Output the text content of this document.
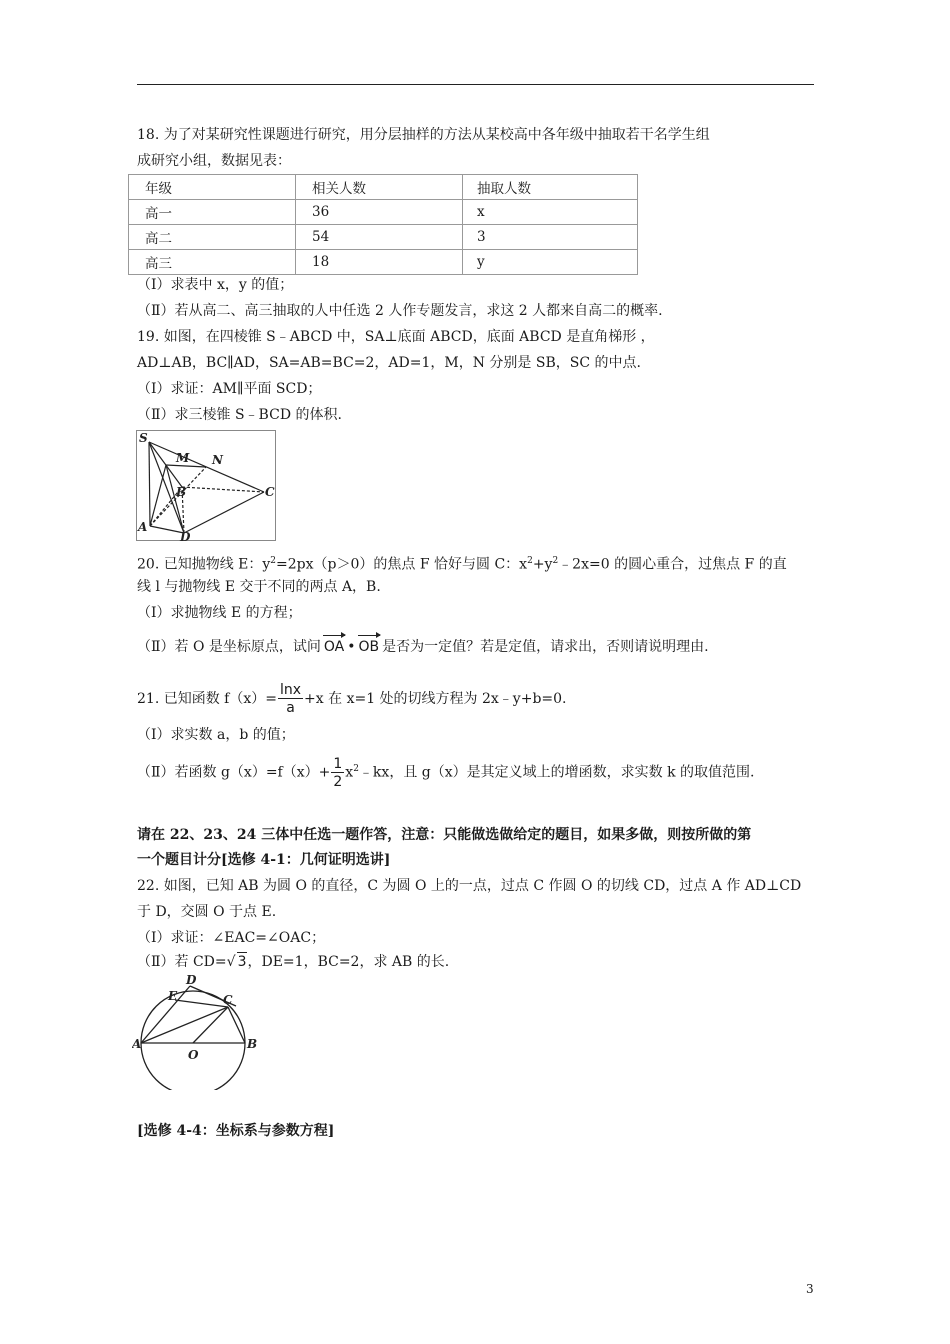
18. 为了对某研究性课题进行研究，用分层抽样的方法从某校高中各年级中抽取若干名学生组
成研究小组，数据见表：
年级	相关人数	抽取人数
高一	36	x
高二	54	3
高三	18	y
（Ⅰ）求表中 x，y 的值；
（Ⅱ）若从高二、高三抽取的人中任选 2 人作专题发言，求这 2 人都来自高二的概率.
19. 如图，在四棱锥 S﹣ABCD 中，SA⊥底面 ABCD，底面 ABCD 是直角梯形 ，
AD⊥AB，BC∥AD，SA=AB=BC=2，AD=1，M，N 分别是 SB，SC 的中点.
（Ⅰ）求证：AM∥平面 SCD；
（Ⅱ）求三棱锥 S﹣BCD 的体积.
S
M N
B	C
A
D
20. 已知抛物线 E：$y^2=2px(p>0)$的焦点 F 恰好与圆 C：$x^2+y^2﹣2x=0$ 的圆心重合，过焦点 F 的直
线 l 与抛物线 E 交于不同的两点 A，B.
（Ⅰ）求抛物线 E 的方程；
（Ⅱ）若 O 是坐标原点，试问 OA • OB 是否为一定值？若是定值，请求出，否则请说明理由.
21. 已知函数 $f(x)= \frac{\ln x}{a} +x$ 在 x=1 处的切线方程为 2x﹣y+b=0.
（Ⅰ）求实数 a，b 的值；
（Ⅱ）若函数 $g(x)=f(x)+ \frac{1}{2}$ $x^2﹣kx$，且 g（x）是其定义域上的增函数，求实数 k 的取值范围.
请在 22、23、24 三体中任选一题作答，注意：只能做选做给定的题目，如果多做，则按所做的第
一个题目计分[选修 4-1：几何证明选讲]
22. 如图，已知 AB 为圆 O 的直径，C 为圆 O 上的一点，过点 C 作圆 O 的切线 CD，过点 A 作 AD⊥CD
于 D，交圆 O 于点 E.
（Ⅰ）求证：∠EAC=∠OAC；
（Ⅱ）若 CD=√ 3，DE=1，BC=2，求 AB 的长.
D
E	C
A
O
B
[选修 4-4：坐标系与参数方程]
3
